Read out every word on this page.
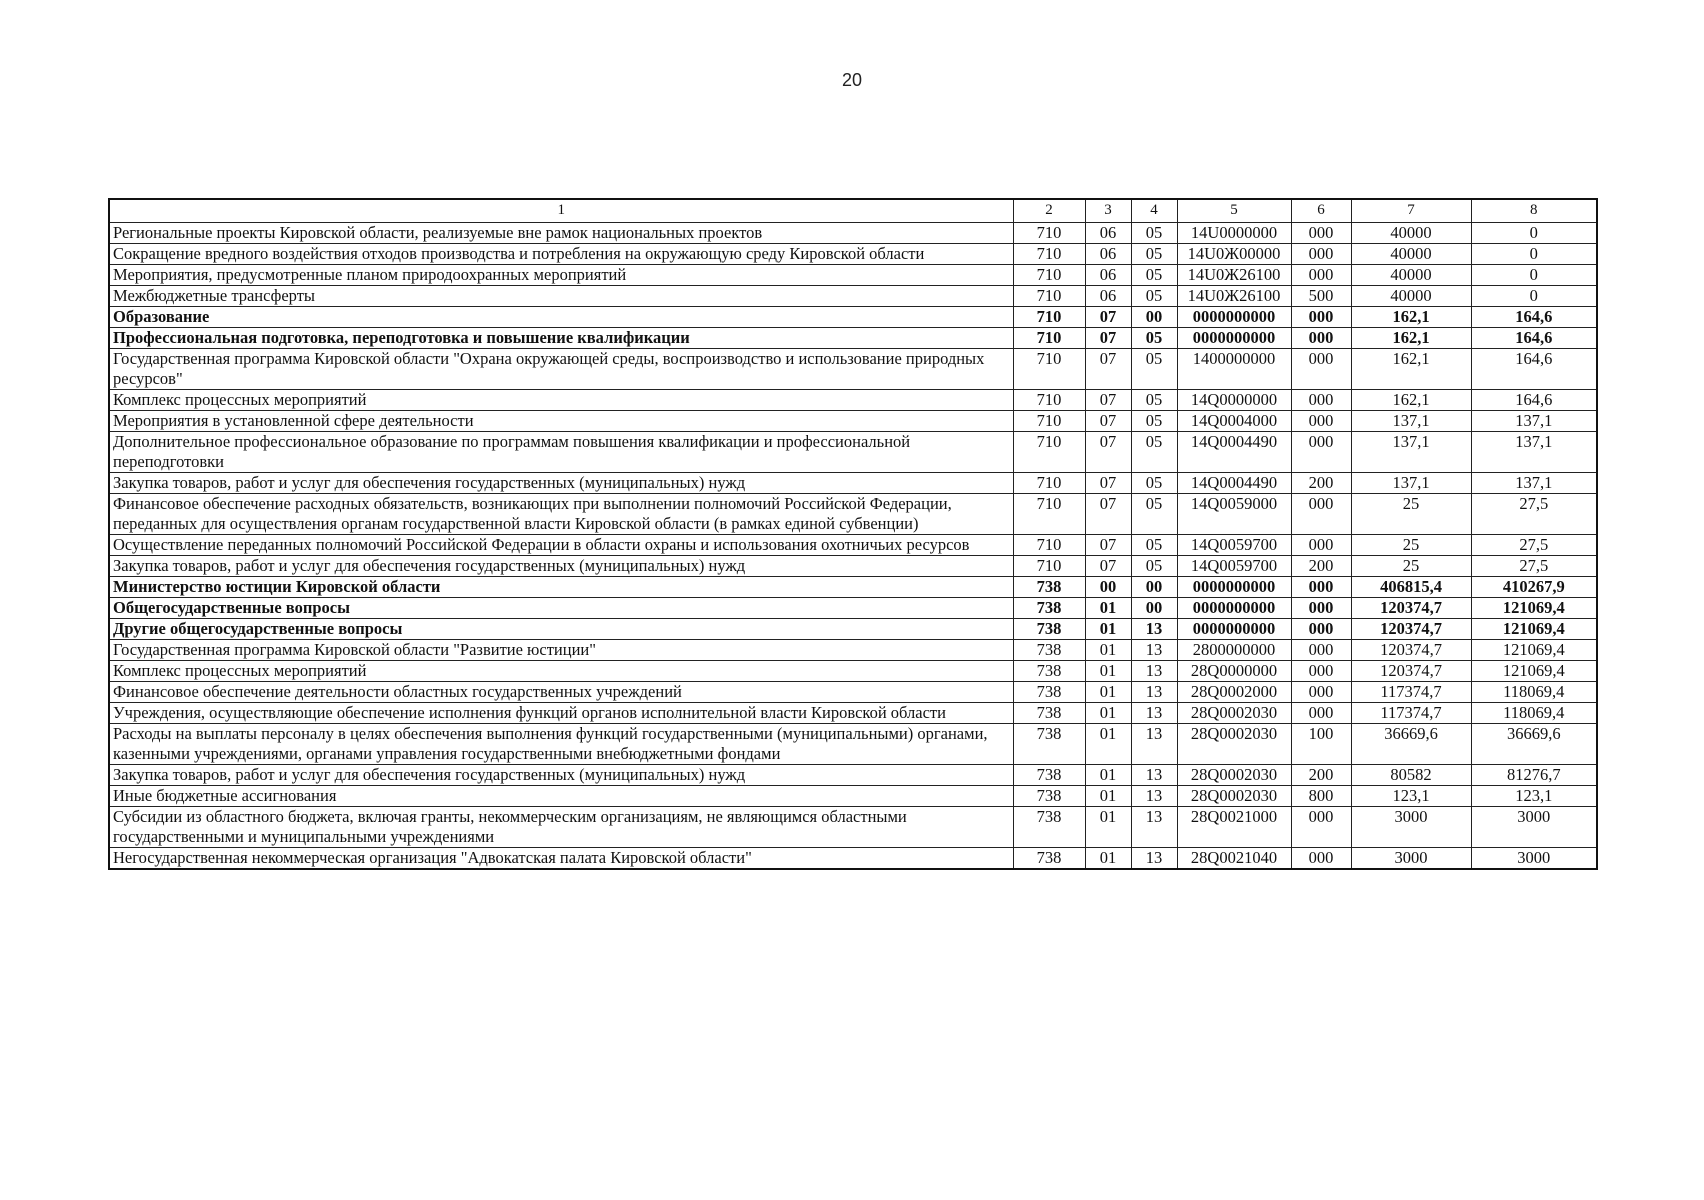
20
1	2	3	4	5	6	7	8
Региональные проекты Кировской области, реализуемые вне рамок национальных проектов	710	06	05	14U0000000	000	40000	0
Сокращение вредного воздействия отходов производства и потребления на окружающую среду Кировской области	710	06	05	14U0Ж00000	000	40000	0
Мероприятия, предусмотренные планом природоохранных мероприятий	710	06	05	14U0Ж26100	000	40000	0
Межбюджетные трансферты	710	06	05	14U0Ж26100	500	40000	0
Образование	710	07	00	0000000000	000	162,1	164,6
Профессиональная подготовка, переподготовка и повышение квалификации	710	07	05	0000000000	000	162,1	164,6
Государственная программа Кировской области "Охрана окружающей среды, воспроизводство и использование природных ресурсов"	710	07	05	1400000000	000	162,1	164,6
Комплекс процессных мероприятий	710	07	05	14Q0000000	000	162,1	164,6
Мероприятия в установленной сфере деятельности	710	07	05	14Q0004000	000	137,1	137,1
Дополнительное профессиональное образование по программам повышения квалификации и профессиональной переподготовки	710	07	05	14Q0004490	000	137,1	137,1
Закупка товаров, работ и услуг для обеспечения государственных (муниципальных) нужд	710	07	05	14Q0004490	200	137,1	137,1
Финансовое обеспечение расходных обязательств, возникающих при выполнении полномочий Российской Федерации, переданных для осуществления органам государственной власти Кировской области (в рамках единой субвенции)	710	07	05	14Q0059000	000	25	27,5
Осуществление переданных полномочий Российской Федерации в области охраны и использования охотничьих ресурсов	710	07	05	14Q0059700	000	25	27,5
Закупка товаров, работ и услуг для обеспечения государственных (муниципальных) нужд	710	07	05	14Q0059700	200	25	27,5
Министерство юстиции Кировской области	738	00	00	0000000000	000	406815,4	410267,9
Общегосударственные вопросы	738	01	00	0000000000	000	120374,7	121069,4
Другие общегосударственные вопросы	738	01	13	0000000000	000	120374,7	121069,4
Государственная программа Кировской области "Развитие юстиции"	738	01	13	2800000000	000	120374,7	121069,4
Комплекс процессных мероприятий	738	01	13	28Q0000000	000	120374,7	121069,4
Финансовое обеспечение деятельности областных государственных учреждений	738	01	13	28Q0002000	000	117374,7	118069,4
Учреждения, осуществляющие обеспечение исполнения функций органов исполнительной власти Кировской области	738	01	13	28Q0002030	000	117374,7	118069,4
Расходы на выплаты персоналу в целях обеспечения выполнения функций государственными (муниципальными) органами, казенными учреждениями, органами управления государственными внебюджетными фондами	738	01	13	28Q0002030	100	36669,6	36669,6
Закупка товаров, работ и услуг для обеспечения государственных (муниципальных) нужд	738	01	13	28Q0002030	200	80582	81276,7
Иные бюджетные ассигнования	738	01	13	28Q0002030	800	123,1	123,1
Субсидии из областного бюджета, включая гранты, некоммерческим организациям, не являющимся областными государственными и муниципальными учреждениями	738	01	13	28Q0021000	000	3000	3000
Негосударственная некоммерческая организация "Адвокатская палата Кировской области"	738	01	13	28Q0021040	000	3000	3000
